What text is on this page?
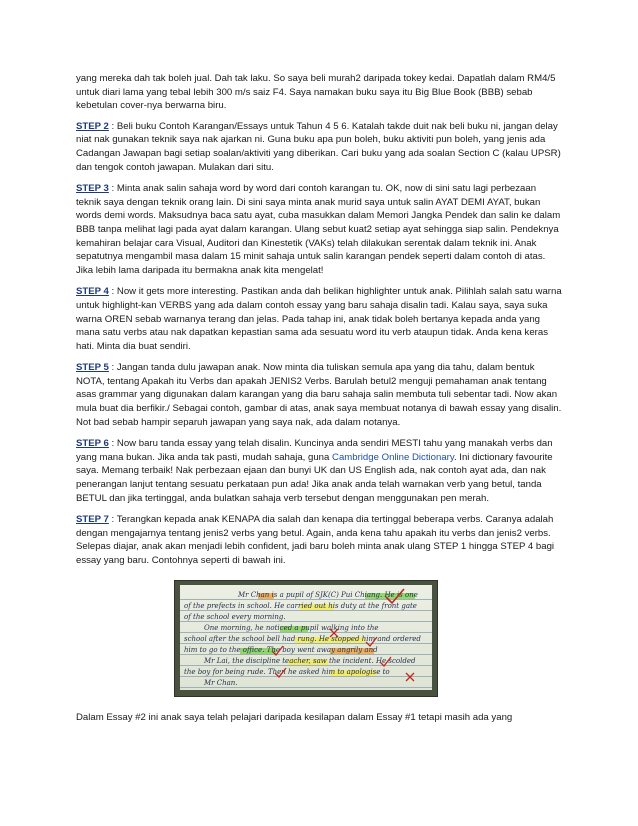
yang mereka dah tak boleh jual. Dah tak laku. So saya beli murah2 daripada tokey kedai. Dapatlah dalam RM4/5 untuk diari lama yang tebal lebih 300 m/s saiz F4. Saya namakan buku saya itu Big Blue Book (BBB) sebab kebetulan cover-nya berwarna biru.

STEP 2 : Beli buku Contoh Karangan/Essays untuk Tahun 4 5 6. Katalah takde duit nak beli buku ni, jangan delay niat nak gunakan teknik saya nak ajarkan ni. Guna buku apa pun boleh, buku aktiviti pun boleh, yang jenis ada Cadangan Jawapan bagi setiap soalan/aktiviti yang diberikan. Cari buku yang ada soalan Section C (kalau UPSR) dan tengok contoh jawapan. Mulakan dari situ.

STEP 3 : Minta anak salin sahaja word by word dari contoh karangan tu. OK, now di sini satu lagi perbezaan teknik saya dengan teknik orang lain. Di sini saya minta anak murid saya untuk salin AYAT DEMI AYAT, bukan words demi words. Maksudnya baca satu ayat, cuba masukkan dalam Memori Jangka Pendek dan salin ke dalam BBB tanpa melihat lagi pada ayat dalam karangan. Ulang sebut kuat2 setiap ayat sehingga siap salin. Pendeknya kemahiran belajar cara Visual, Auditori dan Kinestetik (VAKs) telah dilakukan serentak dalam teknik ini. Anak sepatutnya mengambil masa dalam 15 minit sahaja untuk salin karangan pendek seperti dalam contoh di atas. Jika lebih lama daripada itu bermakna anak kita mengelat!

STEP 4 : Now it gets more interesting. Pastikan anda dah belikan highlighter untuk anak. Pilihlah salah satu warna untuk highlight-kan VERBS yang ada dalam contoh essay yang baru sahaja disalin tadi. Kalau saya, saya suka warna OREN sebab warnanya terang dan jelas. Pada tahap ini, anak tidak boleh bertanya kepada anda yang mana satu verbs atau nak dapatkan kepastian sama ada sesuatu word itu verb ataupun tidak. Anda kena keras hati. Minta dia buat sendiri.

STEP 5 : Jangan tanda dulu jawapan anak. Now minta dia tuliskan semula apa yang dia tahu, dalam bentuk NOTA, tentang Apakah itu Verbs dan apakah JENIS2 Verbs. Barulah betul2 menguji pemahaman anak tentang asas grammar yang digunakan dalam karangan yang dia baru sahaja salin membuta tuli sebentar tadi. Now akan mula buat dia berfikir./ Sebagai contoh, gambar di atas, anak saya membuat notanya di bawah essay yang disalin. Not bad sebab hampir separuh jawapan yang saya nak, ada dalam notanya.

STEP 6 : Now baru tanda essay yang telah disalin. Kuncinya anda sendiri MESTI tahu yang manakah verbs dan yang mana bukan. Jika anda tak pasti, mudah sahaja, guna Cambridge Online Dictionary. Ini dictionary favourite saya. Memang terbaik! Nak perbezaan ejaan dan bunyi UK dan US English ada, nak contoh ayat ada, dan nak penerangan lanjut tentang sesuatu perkataan pun ada! Jika anak anda telah warnakan verb yang betul, tanda BETUL dan jika tertinggal, anda bulatkan sahaja verb tersebut dengan menggunakan pen merah.

STEP 7 : Terangkan kepada anak KENAPA dia salah dan kenapa dia tertinggal beberapa verbs. Caranya adalah dengan mengajarnya tentang jenis2 verbs yang betul. Again, anda kena tahu apakah itu verbs dan jenis2 verbs. Selepas diajar, anak akan menjadi lebih confident, jadi baru boleh minta anak ulang STEP 1 hingga STEP 4 bagi essay yang baru. Contohnya seperti di bawah ini.

Mr Chan is a pupil of SJK(C) Pui Chiang. He is one
of the prefects in school. He carried out his duty at the front gate
of the school every morning.
One morning, he noticed a pupil walking into the
school after the school bell had rung. He stopped him and ordered
him to go to the office. The boy went away angrily and
Mr Lai, the discipline teacher, saw the incident. He scolded
the boy for being rude. Then he asked him to apologise to
Mr Chan.

Dalam Essay #2 ini anak saya telah pelajari daripada kesilapan dalam Essay #1 tetapi masih ada yang
